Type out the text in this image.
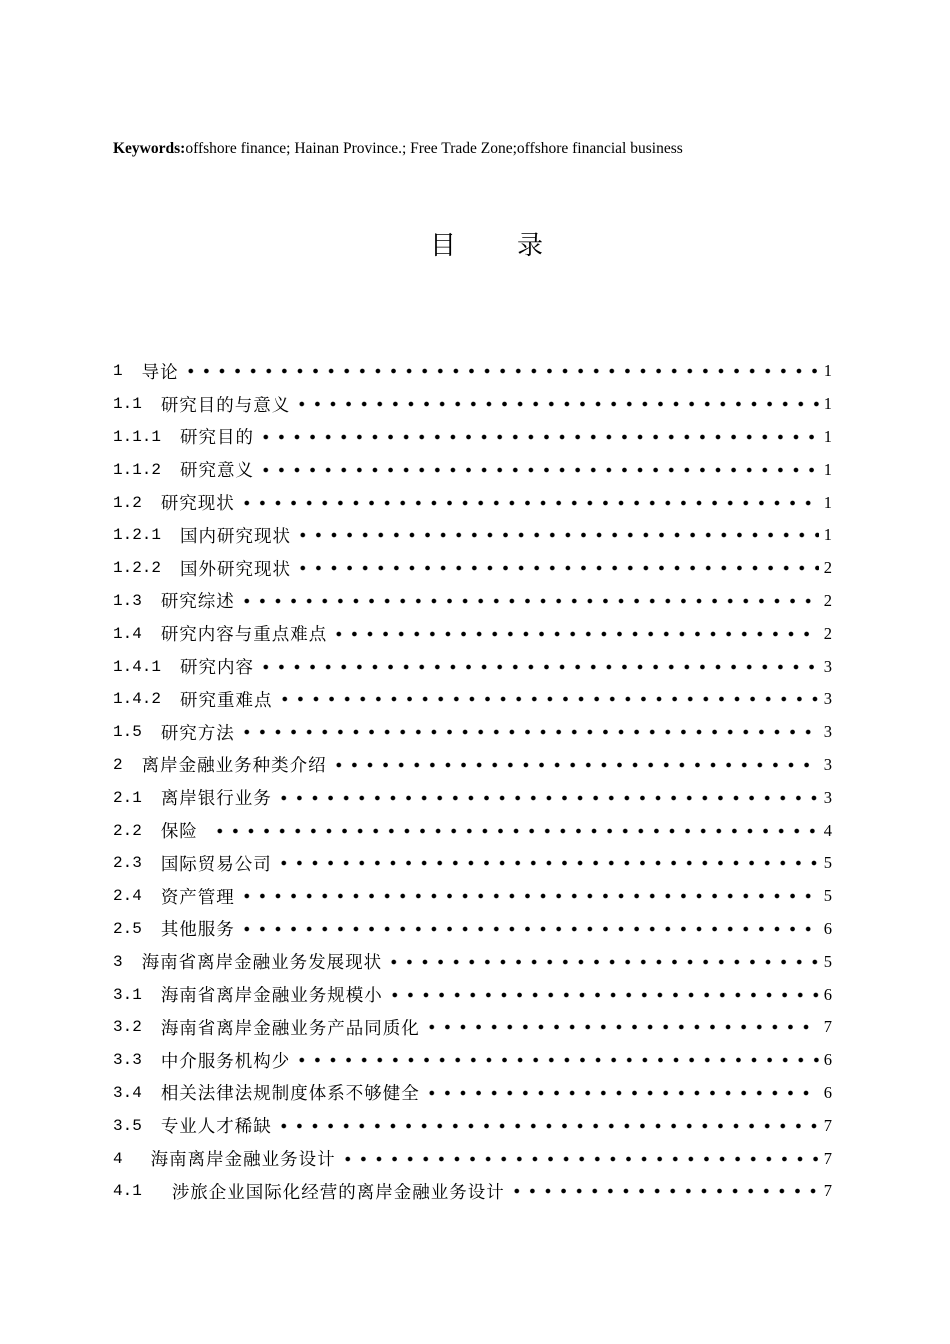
Keywords:offshore finance; Hainan Province.; Free Trade Zone;offshore financial business
目录
1 导论	1
1.1 研究目的与意义	1
1.1.1 研究目的	1
1.1.2 研究意义	1
1.2 研究现状	1
1.2.1 国内研究现状	1
1.2.2 国外研究现状	2
1.3 研究综述	2
1.4 研究内容与重点难点	2
1.4.1 研究内容	3
1.4.2 研究重难点	3
1.5 研究方法	3
2 离岸金融业务种类介绍	3
2.1 离岸银行业务	3
2.2 保险	4
2.3 国际贸易公司	5
2.4 资产管理	5
2.5 其他服务	6
3 海南省离岸金融业务发展现状	5
3.1 海南省离岸金融业务规模小	6
3.2 海南省离岸金融业务产品同质化	7
3.3 中介服务机构少	6
3.4 相关法律法规制度体系不够健全	6
3.5 专业人才稀缺	7
4 海南离岸金融业务设计	7
4.1 涉旅企业国际化经营的离岸金融业务设计	7
